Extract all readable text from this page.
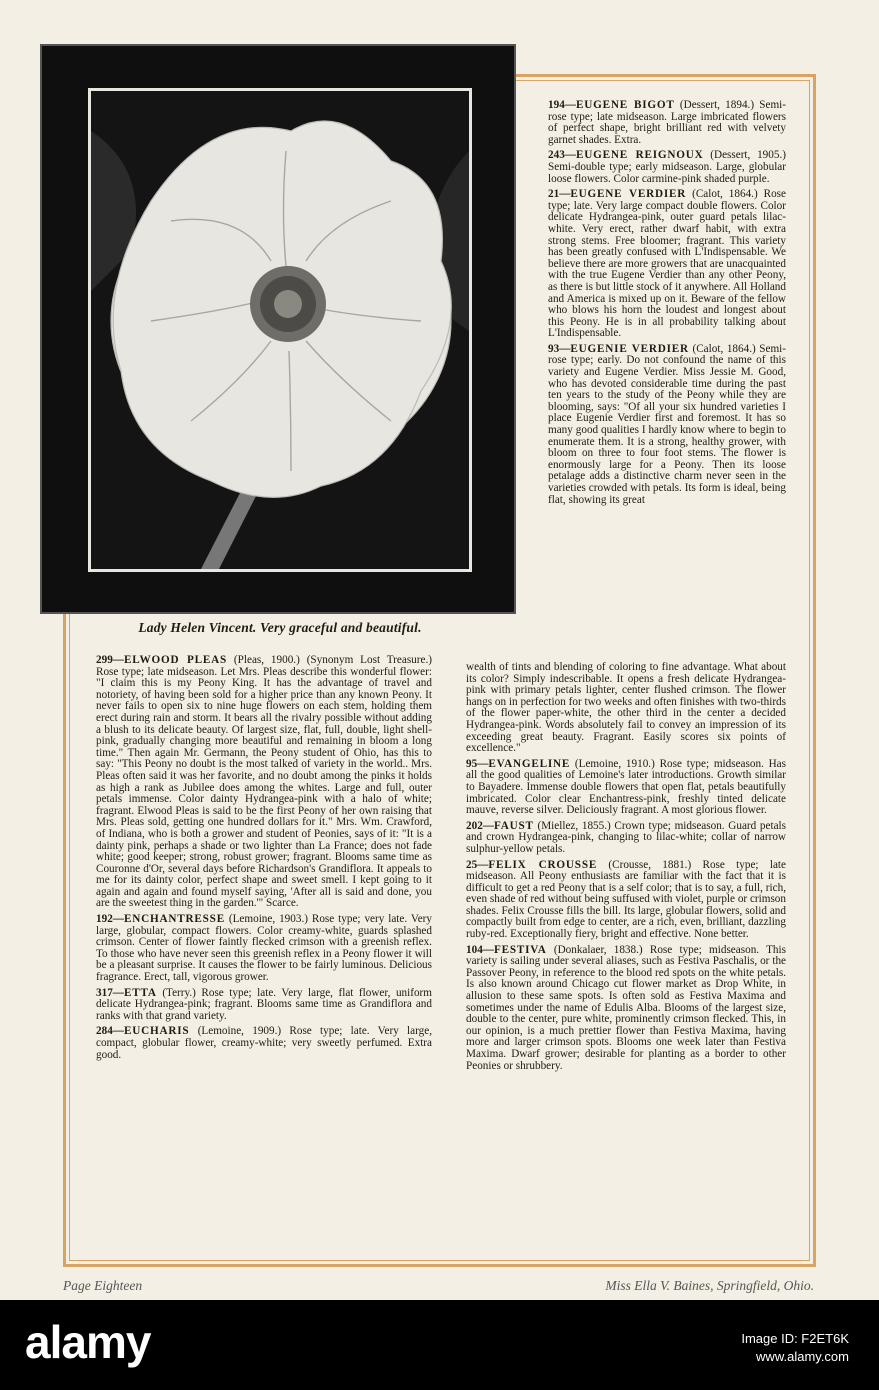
Lady Helen Vincent. Very graceful and beautiful.

194—EUGENE BIGOT (Dessert, 1894.) Semi-rose type; late midseason. Large imbricated flowers of perfect shape, bright brilliant red with velvety garnet shades. Extra.

243—EUGENE REIGNOUX (Dessert, 1905.) Semi-double type; early midseason. Large, globular loose flowers. Color carmine-pink shaded purple.

21—EUGENE VERDIER (Calot, 1864.) Rose type; late. Very large compact double flowers. Color delicate Hydrangea-pink, outer guard petals lilac-white. Very erect, rather dwarf habit, with extra strong stems. Free bloomer; fragrant. This variety has been greatly confused with L'Indispensable. We believe there are more growers that are unacquainted with the true Eugene Verdier than any other Peony, as there is but little stock of it anywhere. All Holland and America is mixed up on it. Beware of the fellow who blows his horn the loudest and longest about this Peony. He is in all probability talking about L'Indispensable.

93—EUGENIE VERDIER (Calot, 1864.) Semi-rose type; early. Do not confound the name of this variety and Eugene Verdier. Miss Jessie M. Good, who has devoted considerable time during the past ten years to the study of the Peony while they are blooming, says: "Of all your six hundred varieties I place Eugenie Verdier first and foremost. It has so many good qualities I hardly know where to begin to enumerate them. It is a strong, healthy grower, with bloom on three to four foot stems. The flower is enormously large for a Peony. Then its loose petalage adds a distinctive charm never seen in the varieties crowded with petals. Its form is ideal, being flat, showing its great

wealth of tints and blending of coloring to fine advantage. What about its color? Simply indescribable. It opens a fresh delicate Hydrangea-pink with primary petals lighter, center flushed crimson. The flower hangs on in perfection for two weeks and often finishes with two-thirds of the flower paper-white, the other third in the center a decided Hydrangea-pink. Words absolutely fail to convey an impression of its exceeding great beauty. Fragrant. Easily scores six points of excellence."

95—EVANGELINE (Lemoine, 1910.) Rose type; midseason. Has all the good qualities of Lemoine's later introductions. Growth similar to Bayadere. Immense double flowers that open flat, petals beautifully imbricated. Color clear Enchantress-pink, freshly tinted delicate mauve, reverse silver. Deliciously fragrant. A most glorious flower.

202—FAUST (Miellez, 1855.) Crown type; midseason. Guard petals and crown Hydrangea-pink, changing to lilac-white; collar of narrow sulphur-yellow petals.

25—FELIX CROUSSE (Crousse, 1881.) Rose type; late midseason. All Peony enthusiasts are familiar with the fact that it is difficult to get a red Peony that is a self color; that is to say, a full, rich, even shade of red without being suffused with violet, purple or crimson shades. Felix Crousse fills the bill. Its large, globular flowers, solid and compactly built from edge to center, are a rich, even, brilliant, dazzling ruby-red. Exceptionally fiery, bright and effective. None better.

104—FESTIVA (Donkalaer, 1838.) Rose type; midseason. This variety is sailing under several aliases, such as Festiva Paschalis, or the Passover Peony, in reference to the blood red spots on the white petals. Is also known around Chicago cut flower market as Drop White, in allusion to these same spots. Is often sold as Festiva Maxima and sometimes under the name of Edulis Alba. Blooms of the largest size, double to the center, pure white, prominently crimson flecked. This, in our opinion, is a much prettier flower than Festiva Maxima, having more and larger crimson spots. Blooms one week later than Festiva Maxima. Dwarf grower; desirable for planting as a border to other Peonies or shrubbery.

299—ELWOOD PLEAS (Pleas, 1900.) (Synonym Lost Treasure.) Rose type; late midseason. Let Mrs. Pleas describe this wonderful flower: "I claim this is my Peony King. It has the advantage of travel and notoriety, of having been sold for a higher price than any known Peony. It never fails to open six to nine huge flowers on each stem, holding them erect during rain and storm. It bears all the rivalry possible without adding a blush to its delicate beauty. Of largest size, flat, full, double, light shell-pink, gradually changing more beautiful and remaining in bloom a long time." Then again Mr. Germann, the Peony student of Ohio, has this to say: "This Peony no doubt is the most talked of variety in the world.. Mrs. Pleas often said it was her favorite, and no doubt among the pinks it holds as high a rank as Jubilee does among the whites. Large and full, outer petals immense. Color dainty Hydrangea-pink with a halo of white; fragrant. Elwood Pleas is said to be the first Peony of her own raising that Mrs. Pleas sold, getting one hundred dollars for it." Mrs. Wm. Crawford, of Indiana, who is both a grower and student of Peonies, says of it: "It is a dainty pink, perhaps a shade or two lighter than La France; does not fade white; good keeper; strong, robust grower; fragrant. Blooms same time as Couronne d'Or, several days before Richardson's Grandiflora. It appeals to me for its dainty color, perfect shape and sweet smell. I kept going to it again and again and found myself saying, 'After all is said and done, you are the sweetest thing in the garden.'" Scarce.

192—ENCHANTRESSE (Lemoine, 1903.) Rose type; very late. Very large, globular, compact flowers. Color creamy-white, guards splashed crimson. Center of flower faintly flecked crimson with a greenish reflex. To those who have never seen this greenish reflex in a Peony flower it will be a pleasant surprise. It causes the flower to be fairly luminous. Delicious fragrance. Erect, tall, vigorous grower.

317—ETTA (Terry.) Rose type; late. Very large, flat flower, uniform delicate Hydrangea-pink; fragrant. Blooms same time as Grandiflora and ranks with that grand variety.

284—EUCHARIS (Lemoine, 1909.) Rose type; late. Very large, compact, globular flower, creamy-white; very sweetly perfumed. Extra good.

Page Eighteen	Miss Ella V. Baines, Springfield, Ohio.
alamy	Image ID: F2ET6K
www.alamy.com
